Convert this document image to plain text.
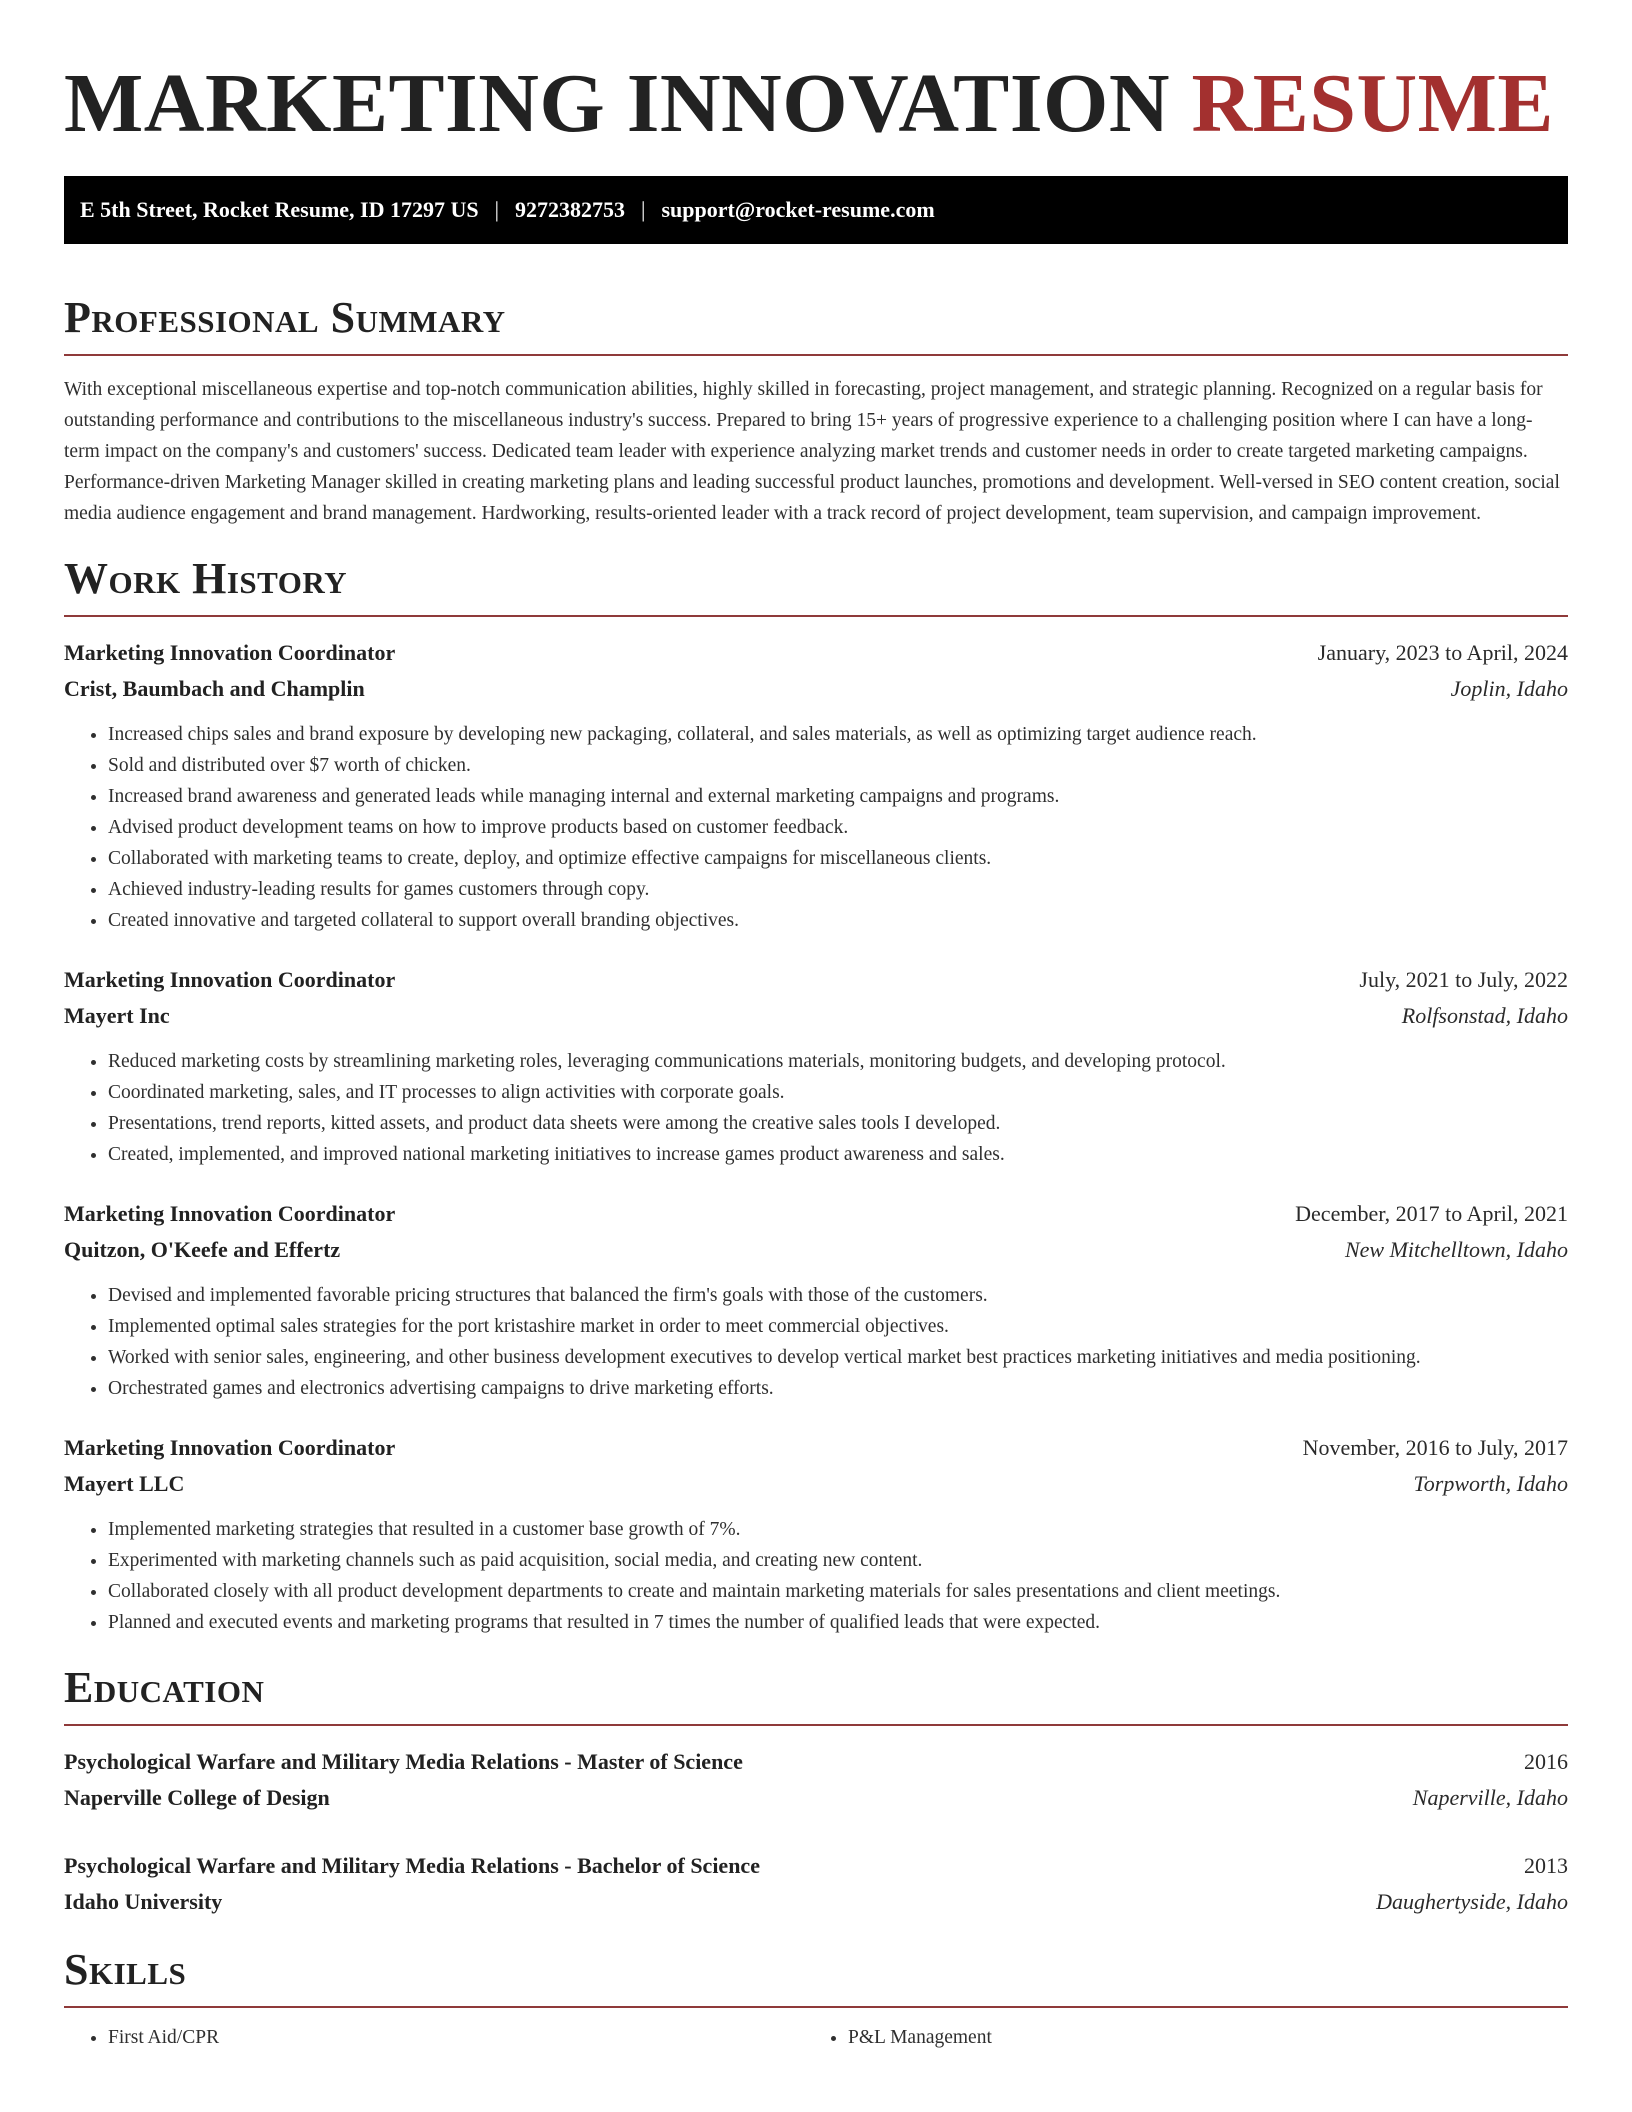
MARKETING INNOVATION RESUME
E 5th Street, Rocket Resume, ID 17297 US | 9272382753 | support@rocket-resume.com
Professional Summary

With exceptional miscellaneous expertise and top-notch communication abilities, highly skilled in forecasting, project management, and strategic planning. Recognized on a regular basis for outstanding performance and contributions to the miscellaneous industry's success. Prepared to bring 15+ years of progressive experience to a challenging position where I can have a long-term impact on the company's and customers' success. Dedicated team leader with experience analyzing market trends and customer needs in order to create targeted marketing campaigns. Performance-driven Marketing Manager skilled in creating marketing plans and leading successful product launches, promotions and development. Well-versed in SEO content creation, social media audience engagement and brand management. Hardworking, results-oriented leader with a track record of project development, team supervision, and campaign improvement.

Work History
Marketing Innovation Coordinator	January, 2023 to April, 2024
Crist, Baumbach and Champlin	Joplin, Idaho
• Increased chips sales and brand exposure by developing new packaging, collateral, and sales materials, as well as optimizing target audience reach.
• Sold and distributed over $7 worth of chicken.
• Increased brand awareness and generated leads while managing internal and external marketing campaigns and programs.
• Advised product development teams on how to improve products based on customer feedback.
• Collaborated with marketing teams to create, deploy, and optimize effective campaigns for miscellaneous clients.
• Achieved industry-leading results for games customers through copy.
• Created innovative and targeted collateral to support overall branding objectives.
Marketing Innovation Coordinator	July, 2021 to July, 2022
Mayert Inc	Rolfsonstad, Idaho
• Reduced marketing costs by streamlining marketing roles, leveraging communications materials, monitoring budgets, and developing protocol.
• Coordinated marketing, sales, and IT processes to align activities with corporate goals.
• Presentations, trend reports, kitted assets, and product data sheets were among the creative sales tools I developed.
• Created, implemented, and improved national marketing initiatives to increase games product awareness and sales.
Marketing Innovation Coordinator	December, 2017 to April, 2021
Quitzon, O'Keefe and Effertz	New Mitchelltown, Idaho
• Devised and implemented favorable pricing structures that balanced the firm's goals with those of the customers.
• Implemented optimal sales strategies for the port kristashire market in order to meet commercial objectives.
• Worked with senior sales, engineering, and other business development executives to develop vertical market best practices marketing initiatives and media positioning.
• Orchestrated games and electronics advertising campaigns to drive marketing efforts.
Marketing Innovation Coordinator	November, 2016 to July, 2017
Mayert LLC	Torpworth, Idaho
• Implemented marketing strategies that resulted in a customer base growth of 7%.
• Experimented with marketing channels such as paid acquisition, social media, and creating new content.
• Collaborated closely with all product development departments to create and maintain marketing materials for sales presentations and client meetings.
• Planned and executed events and marketing programs that resulted in 7 times the number of qualified leads that were expected.
Education
Psychological Warfare and Military Media Relations - Master of Science	2016
Naperville College of Design	Naperville, Idaho
Psychological Warfare and Military Media Relations - Bachelor of Science	2013
Idaho University	Daughertyside, Idaho
Skills
• First Aid/CPR
•	P&L Management
